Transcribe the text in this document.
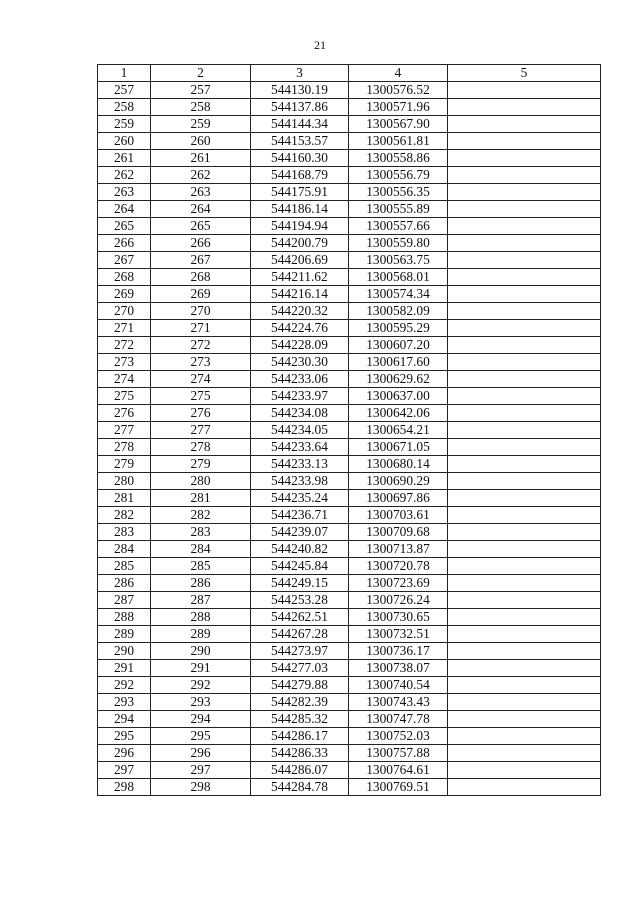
21
1	2	3	4	5
257	257	544130.19	1300576.52	
258	258	544137.86	1300571.96	
259	259	544144.34	1300567.90	
260	260	544153.57	1300561.81	
261	261	544160.30	1300558.86	
262	262	544168.79	1300556.79	
263	263	544175.91	1300556.35	
264	264	544186.14	1300555.89	
265	265	544194.94	1300557.66	
266	266	544200.79	1300559.80	
267	267	544206.69	1300563.75	
268	268	544211.62	1300568.01	
269	269	544216.14	1300574.34	
270	270	544220.32	1300582.09	
271	271	544224.76	1300595.29	
272	272	544228.09	1300607.20	
273	273	544230.30	1300617.60	
274	274	544233.06	1300629.62	
275	275	544233.97	1300637.00	
276	276	544234.08	1300642.06	
277	277	544234.05	1300654.21	
278	278	544233.64	1300671.05	
279	279	544233.13	1300680.14	
280	280	544233.98	1300690.29	
281	281	544235.24	1300697.86	
282	282	544236.71	1300703.61	
283	283	544239.07	1300709.68	
284	284	544240.82	1300713.87	
285	285	544245.84	1300720.78	
286	286	544249.15	1300723.69	
287	287	544253.28	1300726.24	
288	288	544262.51	1300730.65	
289	289	544267.28	1300732.51	
290	290	544273.97	1300736.17	
291	291	544277.03	1300738.07	
292	292	544279.88	1300740.54	
293	293	544282.39	1300743.43	
294	294	544285.32	1300747.78	
295	295	544286.17	1300752.03	
296	296	544286.33	1300757.88	
297	297	544286.07	1300764.61	
298	298	544284.78	1300769.51	
